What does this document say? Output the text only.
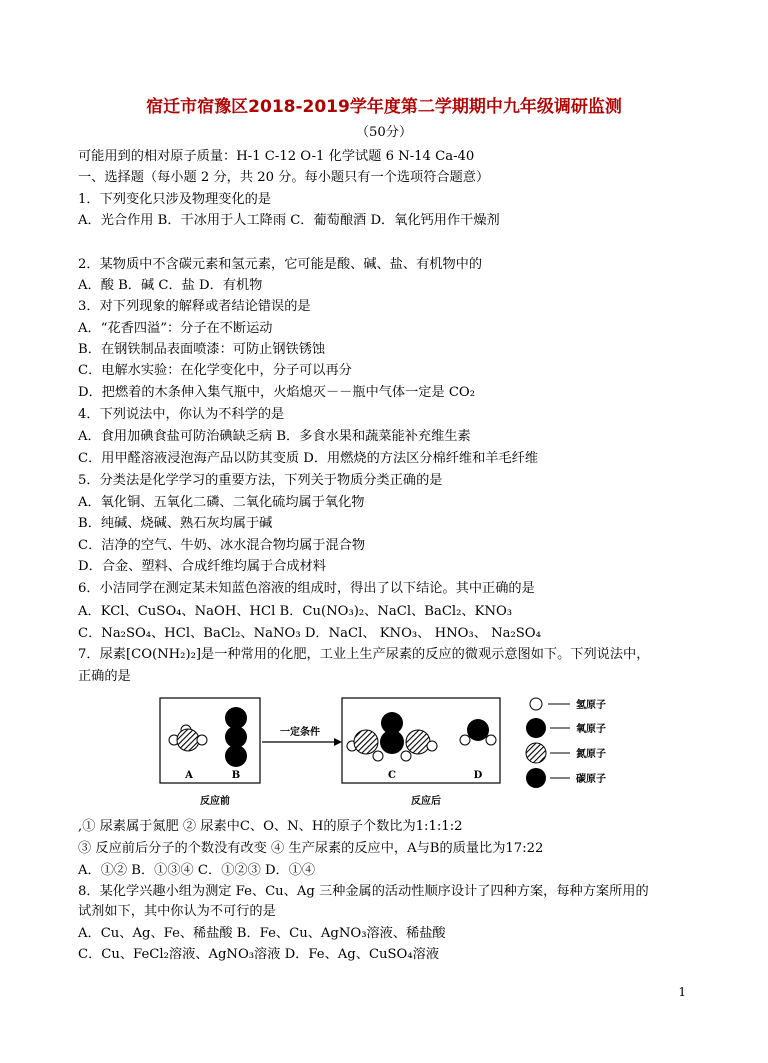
宿迁市宿豫区2018-2019学年度第二学期期中九年级调研监测
（50分）
可能用到的相对原子质量：H-1 C-12 O-1 化学试题 6 N-14 Ca-40
一、选择题（每小题 2 分，共 20 分。每小题只有一个选项符合题意）
1．下列变化只涉及物理变化的是
A．光合作用 B．干冰用于人工降雨 C．葡萄酿酒 D．氧化钙用作干燥剂
2．某物质中不含碳元素和氢元素，它可能是酸、碱、盐、有机物中的
A．酸 B．碱 C．盐 D．有机物
3．对下列现象的解释或者结论错误的是
A．“花香四溢”：分子在不断运动
B．在钢铁制品表面喷漆：可防止钢铁锈蚀
C．电解水实验：在化学变化中，分子可以再分
D．把燃着的木条伸入集气瓶中，火焰熄灭－－瓶中气体一定是 CO₂
4．下列说法中，你认为不科学的是
A．食用加碘食盐可防治碘缺乏病 B．多食水果和蔬菜能补充维生素
C．用甲醛溶液浸泡海产品以防其变质 D．用燃烧的方法区分棉纤维和羊毛纤维
5．分类法是化学学习的重要方法，下列关于物质分类正确的是
A．氧化铜、五氧化二磷、二氧化硫均属于氧化物
B．纯碱、烧碱、熟石灰均属于碱
C．洁净的空气、牛奶、冰水混合物均属于混合物
D．合金、塑料、合成纤维均属于合成材料
6．小洁同学在测定某未知蓝色溶液的组成时，得出了以下结论。其中正确的是
A．KCl、CuSO₄、NaOH、HCl B．Cu(NO₃)₂、NaCl、BaCl₂、KNO₃
C．Na₂SO₄、HCl、BaCl₂、NaNO₃ D．NaCl、 KNO₃、 HNO₃、 Na₂SO₄
7．尿素[CO(NH₂)₂]是一种常用的化肥，工业上生产尿素的反应的微观示意图如下。下列说法中，
正确的是
A	B
一定条件
C	D
反应前	反应后
氢原子
氧原子
氮原子
碳原子
,① 尿素属于氮肥 ② 尿素中C、O、N、H的原子个数比为1:1:1:2
③ 反应前后分子的个数没有改变 ④ 生产尿素的反应中，A与B的质量比为17:22
A．①② B．①③④ C．①②③ D．①④
8．某化学兴趣小组为测定 Fe、Cu、Ag 三种金属的活动性顺序设计了四种方案，每种方案所用的
试剂如下，其中你认为不可行的是
A．Cu、Ag、Fe、稀盐酸 B．Fe、Cu、AgNO₃溶液、稀盐酸
C．Cu、FeCl₂溶液、AgNO₃溶液 D．Fe、Ag、CuSO₄溶液
1
